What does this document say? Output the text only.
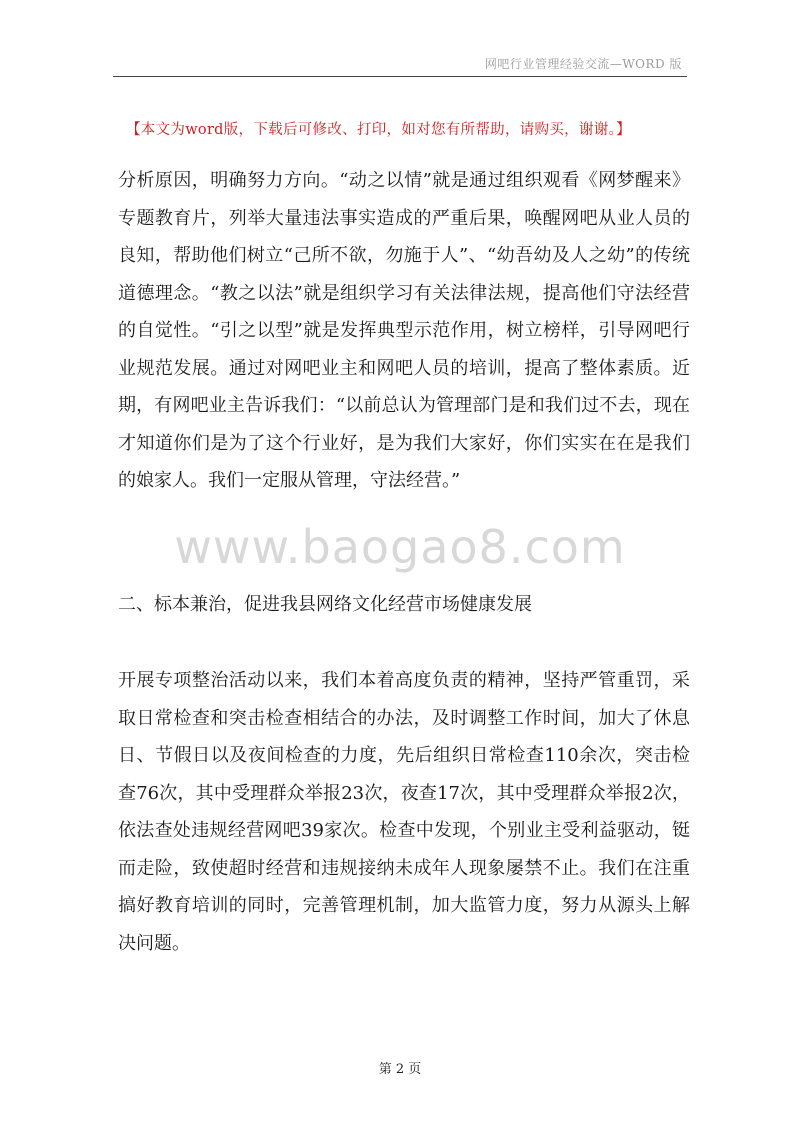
网吧行业管理经验交流—WORD 版
【本文为word版，下载后可修改、打印，如对您有所帮助，请购买，谢谢。】

分析原因，明确努力方向。“动之以情”就是通过组织观看《网梦醒来》专题教育片，列举大量违法事实造成的严重后果，唤醒网吧从业人员的良知，帮助他们树立“己所不欲，勿施于人”、“幼吾幼及人之幼”的传统道德理念。“教之以法”就是组织学习有关法律法规，提高他们守法经营的自觉性。“引之以型”就是发挥典型示范作用，树立榜样，引导网吧行业规范发展。通过对网吧业主和网吧人员的培训，提高了整体素质。近期，有网吧业主告诉我们：“以前总认为管理部门是和我们过不去，现在才知道你们是为了这个行业好，是为我们大家好，你们实实在在是我们的娘家人。我们一定服从管理，守法经营。”

www.baogao8.com

二、标本兼治，促进我县网络文化经营市场健康发展

开展专项整治活动以来，我们本着高度负责的精神，坚持严管重罚，采取日常检查和突击检查相结合的办法，及时调整工作时间，加大了休息日、节假日以及夜间检查的力度，先后组织日常检查110余次，突击检查76次，其中受理群众举报23次，夜查17次，其中受理群众举报2次，依法查处违规经营网吧39家次。检查中发现，个别业主受利益驱动，铤而走险，致使超时经营和违规接纳未成年人现象屡禁不止。我们在注重搞好教育培训的同时，完善管理机制，加大监管力度，努力从源头上解决问题。

第 2 页
